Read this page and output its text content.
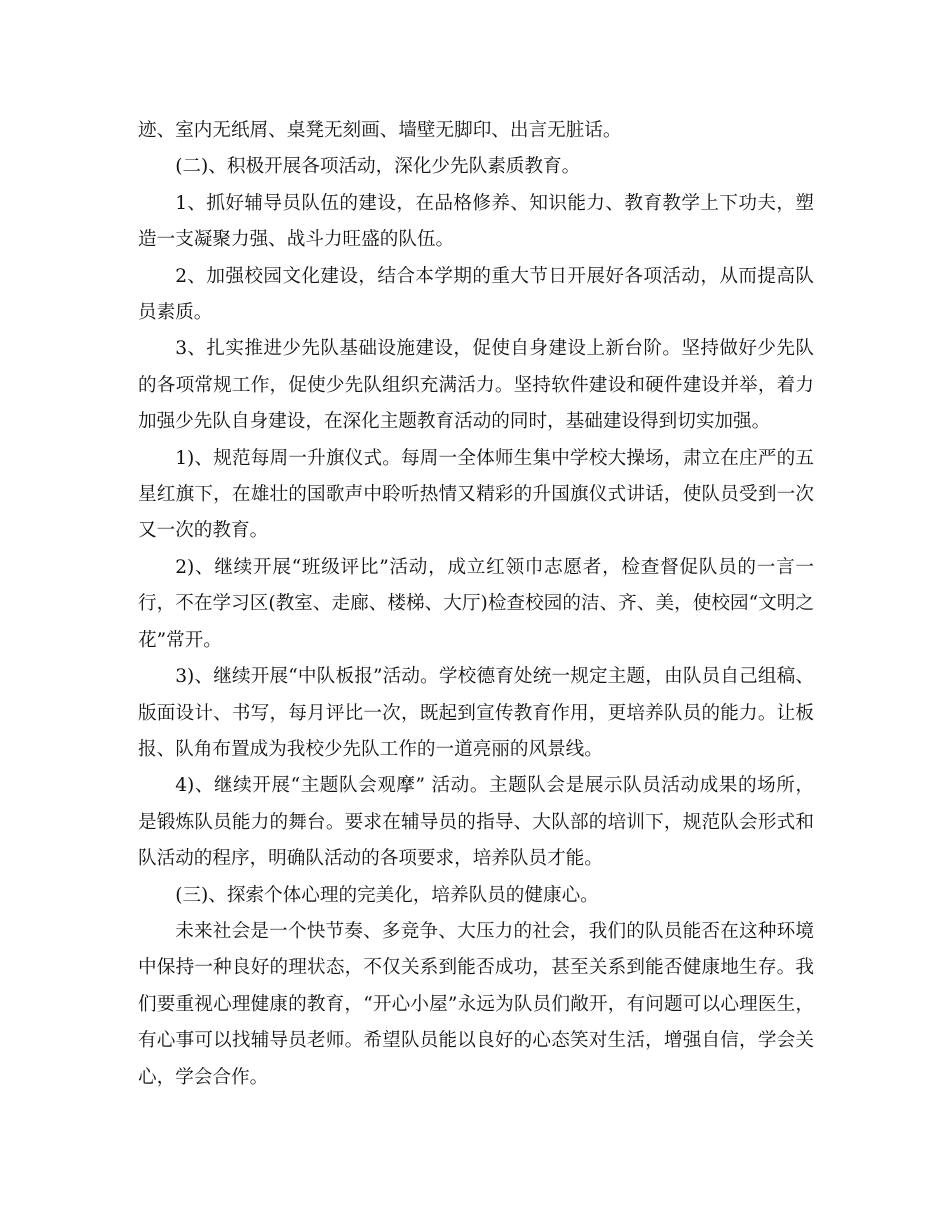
迹、室内无纸屑、桌凳无刻画、墙壁无脚印、出言无脏话。

(二)、积极开展各项活动，深化少先队素质教育。

1、抓好辅导员队伍的建设，在品格修养、知识能力、教育教学上下功夫，塑造一支凝聚力强、战斗力旺盛的队伍。

2、加强校园文化建设，结合本学期的重大节日开展好各项活动，从而提高队员素质。

3、扎实推进少先队基础设施建设，促使自身建设上新台阶。坚持做好少先队的各项常规工作，促使少先队组织充满活力。坚持软件建设和硬件建设并举，着力加强少先队自身建设，在深化主题教育活动的同时，基础建设得到切实加强。

1)、规范每周一升旗仪式。每周一全体师生集中学校大操场，肃立在庄严的五星红旗下，在雄壮的国歌声中聆听热情又精彩的升国旗仪式讲话，使队员受到一次又一次的教育。

2)、继续开展“班级评比”活动，成立红领巾志愿者，检查督促队员的一言一行，不在学习区(教室、走廊、楼梯、大厅)检查校园的洁、齐、美，使校园“文明之花”常开。

3)、继续开展“中队板报”活动。学校德育处统一规定主题，由队员自己组稿、版面设计、书写，每月评比一次，既起到宣传教育作用，更培养队员的能力。让板报、队角布置成为我校少先队工作的一道亮丽的风景线。

4)、继续开展“主题队会观摩” 活动。主题队会是展示队员活动成果的场所，是锻炼队员能力的舞台。要求在辅导员的指导、大队部的培训下，规范队会形式和队活动的程序，明确队活动的各项要求，培养队员才能。

(三)、探索个体心理的完美化，培养队员的健康心。

未来社会是一个快节奏、多竞争、大压力的社会，我们的队员能否在这种环境中保持一种良好的理状态，不仅关系到能否成功，甚至关系到能否健康地生存。我们要重视心理健康的教育，“开心小屋”永远为队员们敞开，有问题可以心理医生，有心事可以找辅导员老师。希望队员能以良好的心态笑对生活，增强自信，学会关心，学会合作。
